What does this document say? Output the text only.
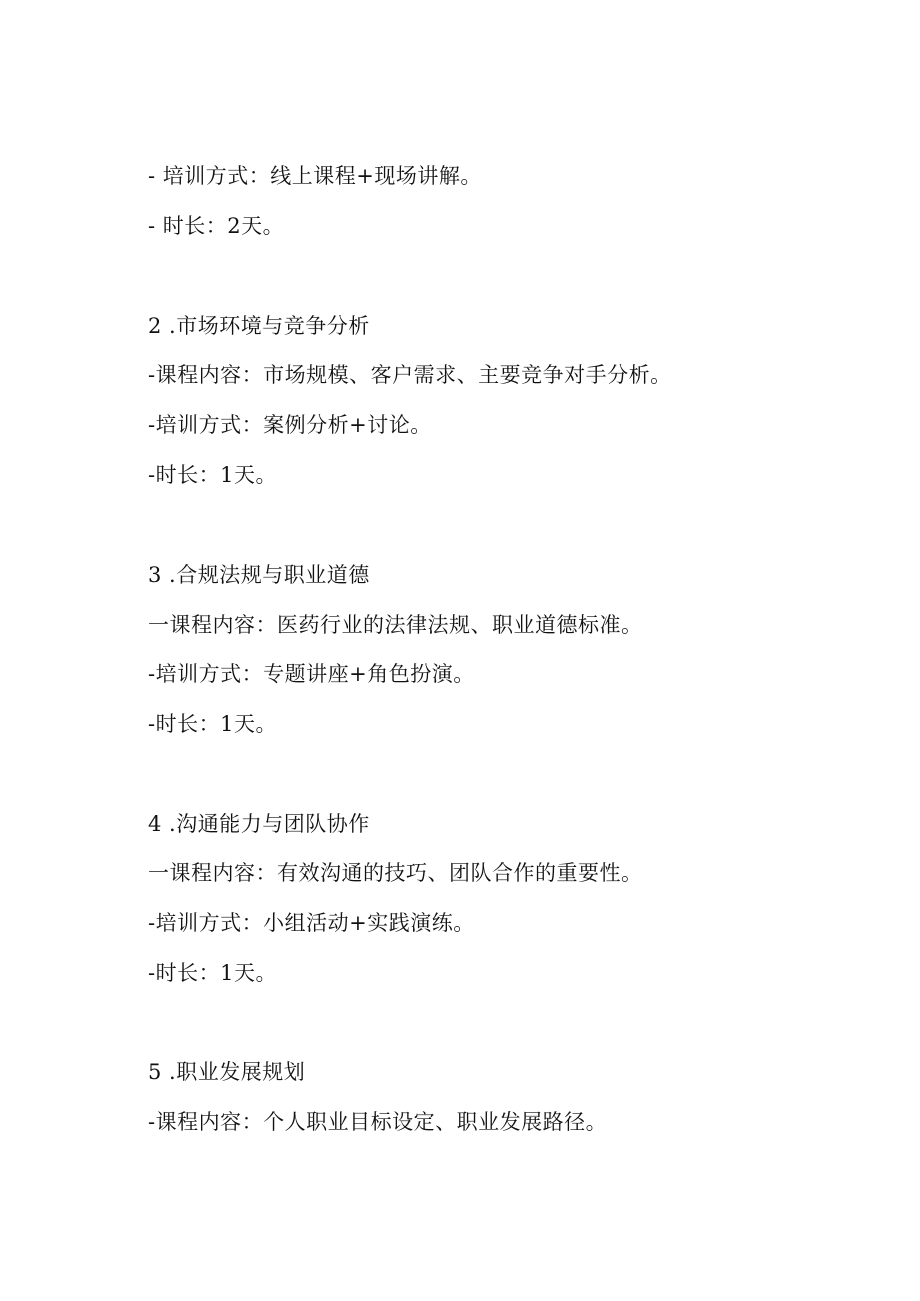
- 培训方式：线上课程+现场讲解。
- 时长：2天。
2 .市场环境与竞争分析
-课程内容：市场规模、客户需求、主要竞争对手分析。
-培训方式：案例分析+讨论。
-时长：1天。
3 .合规法规与职业道德
一课程内容：医药行业的法律法规、职业道德标准。
-培训方式：专题讲座+角色扮演。
-时长：1天。
4 .沟通能力与团队协作
一课程内容：有效沟通的技巧、团队合作的重要性。
-培训方式：小组活动+实践演练。
-时长：1天。
5 .职业发展规划
-课程内容：个人职业目标设定、职业发展路径。
